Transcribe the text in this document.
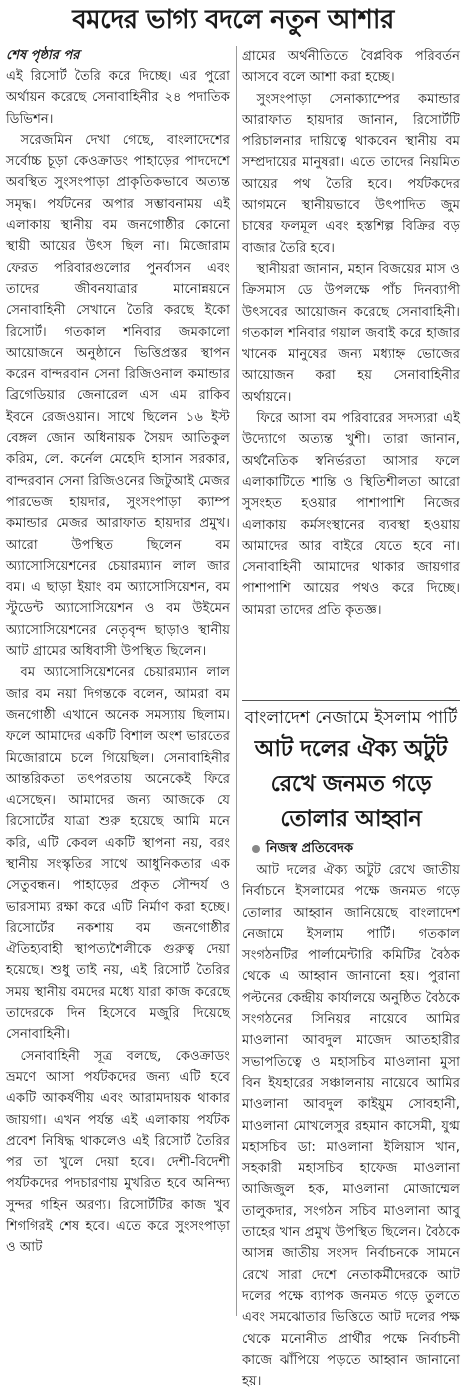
বমদের ভাগ্য বদলে নতুন আশার
শেষ পৃষ্ঠার পর

এই রিসোর্ট তৈরি করে দিচ্ছে। এর পুরো অর্থায়ন করেছে সেনাবাহিনীর ২৪ পদাতিক ডিভিশন।

সরেজমিন দেখা গেছে, বাংলাদেশের সর্বোচ্চ চূড়া কেওক্রাডং পাহাড়ের পাদদেশে অবস্থিত সুংসংপাড়া প্রাকৃতিকভাবে অত্যন্ত সমৃদ্ধ। পর্যটনের অপার সম্ভাবনাময় এই এলাকায় স্থানীয় বম জনগোষ্ঠীর কোনো স্থায়ী আয়ের উৎস ছিল না। মিজোরাম ফেরত পরিবারগুলোর পুনর্বাসন এবং তাদের জীবনযাত্রার মানোন্নয়নে সেনাবাহিনী সেখানে তৈরি করছে ইকো রিসোর্ট। গতকাল শনিবার জমকালো আয়োজনে অনুষ্ঠানে ভিত্তিপ্রস্তর স্থাপন করেন বান্দরবান সেনা রিজিওনাল কমান্ডার ব্রিগেডিয়ার জেনারেল এস এম রাকিব ইবনে রেজওয়ান। সাথে ছিলেন ১৬ ইস্ট বেঙ্গল জোন অধিনায়ক সৈয়দ আতিকুল করিম, লে. কর্নেল মেহেদি হাসান সরকার, বান্দরবান সেনা রিজিওনের জিটুআই মেজর পারভেজ হায়দার, সুংসংপাড়া ক্যাম্প কমান্ডার মেজর আরাফাত হায়দার প্রমুখ। আরো উপস্থিত ছিলেন বম অ্যাসোসিয়েশনের চেয়ারম্যান লাল জার বম। এ ছাড়া ইয়াং বম অ্যাসোসিয়েশন, বম স্টুডেন্ট অ্যাসোসিয়েশন ও বম উইমেন অ্যাসোসিয়েশনের নেতৃবৃন্দ ছাড়াও স্থানীয় আট গ্রামের অধিবাসী উপস্থিত ছিলেন।

বম অ্যাসোসিয়েশনের চেয়ারম্যান লাল জার বম নয়া দিগন্তকে বলেন, আমরা বম জনগোষ্ঠী এখানে অনেক সমস্যায় ছিলাম। ফলে আমাদের একটি বিশাল অংশ ভারতের মিজোরামে চলে গিয়েছিল। সেনাবাহিনীর আন্তরিকতা তৎপরতায় অনেকেই ফিরে এসেছেন। আমাদের জন্য আজকে যে রিসোর্টের যাত্রা শুরু হয়েছে আমি মনে করি, এটি কেবল একটি স্থাপনা নয়, বরং স্থানীয় সংস্কৃতির সাথে আধুনিকতার এক সেতুবন্ধন। পাহাড়ের প্রকৃত সৌন্দর্য ও ভারসাম্য রক্ষা করে এটি নির্মাণ করা হচ্ছে। রিসোর্টের নকশায় বম জনগোষ্ঠীর ঐতিহ্যবাহী স্থাপত্যশৈলীকে গুরুত্ব দেয়া হয়েছে। শুধু তাই নয়, এই রিসোর্ট তৈরির সময় স্থানীয় বমদের মধ্যে যারা কাজ করেছে তাদেরকে দিন হিসেবে মজুরি দিয়েছে সেনাবাহিনী।

সেনাবাহিনী সূত্র বলছে, কেওক্রাডং ভ্রমণে আসা পর্যটকদের জন্য এটি হবে একটি আকর্ষণীয় এবং আরামদায়ক থাকার জায়গা। এখন পর্যন্ত এই এলাকায় পর্যটক প্রবেশ নিষিদ্ধ থাকলেও এই রিসোর্ট তৈরির পর তা খুলে দেয়া হবে। দেশী-বিদেশী পর্যটকদের পদচারণায় মুখরিত হবে অনিন্দ্য সুন্দর গহিন অরণ্য। রিসোর্টটির কাজ খুব শিগগিরই শেষ হবে। এতে করে সুংসংপাড়া ও আট

গ্রামের অর্থনীতিতে বৈপ্লবিক পরিবর্তন আসবে বলে আশা করা হচ্ছে।

সুংসংপাড়া সেনাক্যাম্পের কমান্ডার আরাফাত হায়দার জানান, রিসোর্টটি পরিচালনার দায়িত্বে থাকবেন স্থানীয় বম সম্প্রদায়ের মানুষরা। এতে তাদের নিয়মিত আয়ের পথ তৈরি হবে। পর্যটকদের আগমনে স্থানীয়ভাবে উৎপাদিত জুম চাষের ফলমূল এবং হস্তশিল্প বিক্রির বড় বাজার তৈরি হবে।

স্থানীয়রা জানান, মহান বিজয়ের মাস ও ক্রিসমাস ডে উপলক্ষে পাঁচ দিনব্যাপী উৎসবের আয়োজন করেছে সেনাবাহিনী। গতকাল শনিবার গয়াল জবাই করে হাজার খানেক মানুষের জন্য মধ্যাহ্ন ভোজের আয়োজন করা হয় সেনাবাহিনীর অর্থায়নে।

ফিরে আসা বম পরিবারের সদস্যরা এই উদ্যোগে অত্যন্ত খুশী। তারা জানান, অর্থনৈতিক স্বনির্ভরতা আসার ফলে এলাকাটিতে শান্তি ও স্থিতিশীলতা আরো সুসংহত হওয়ার পাশাপাশি নিজের এলাকায় কর্মসংস্থানের ব্যবস্থা হওয়ায় আমাদের আর বাইরে যেতে হবে না। সেনাবাহিনী আমাদের থাকার জায়গার পাশাপাশি আয়ের পথও করে দিচ্ছে। আমরা তাদের প্রতি কৃতজ্ঞ।

বাংলাদেশ নেজামে ইসলাম পার্টি
আট দলের ঐক্য অটুট রেখে জনমত গড়ে তোলার আহ্বান
নিজস্ব প্রতিবেদক

আট দলের ঐক্য অটুট রেখে জাতীয় নির্বাচনে ইসলামের পক্ষে জনমত গড়ে তোলার আহ্বান জানিয়েছে বাংলাদেশ নেজামে ইসলাম পার্টি। গতকাল সংগঠনটির পার্লামেন্টারি কমিটির বৈঠক থেকে এ আহ্বান জানানো হয়। পুরানা পল্টনের কেন্দ্রীয় কার্যালয়ে অনুষ্ঠিত বৈঠকে সংগঠনের সিনিয়র নায়েবে আমির মাওলানা আবদুল মাজেদ আতহারীর সভাপতিত্বে ও মহাসচিব মাওলানা মুসা বিন ইযহারের সঞ্চালনায় নায়েবে আমির মাওলানা আবদুল কাইয়ুম সোবহানী, মাওলানা মোখলেসুর রহমান কাসেমী, যুগ্ম মহাসচিব ডা: মাওলানা ইলিয়াস খান, সহকারী মহাসচিব হাফেজ মাওলানা আজিজুল হক, মাওলানা মোজাম্মেল তালুকদার, সংগঠন সচিব মাওলানা আবু তাহের খান প্রমুখ উপস্থিত ছিলেন। বৈঠকে আসন্ন জাতীয় সংসদ নির্বাচনকে সামনে রেখে সারা দেশে নেতাকর্মীদেরকে আট দলের পক্ষে ব্যাপক জনমত গড়ে তুলতে এবং সমঝোতার ভিত্তিতে আট দলের পক্ষ থেকে মনোনীত প্রার্থীর পক্ষে নির্বাচনী কাজে ঝাঁপিয়ে পড়তে আহ্বান জানানো হয়।
